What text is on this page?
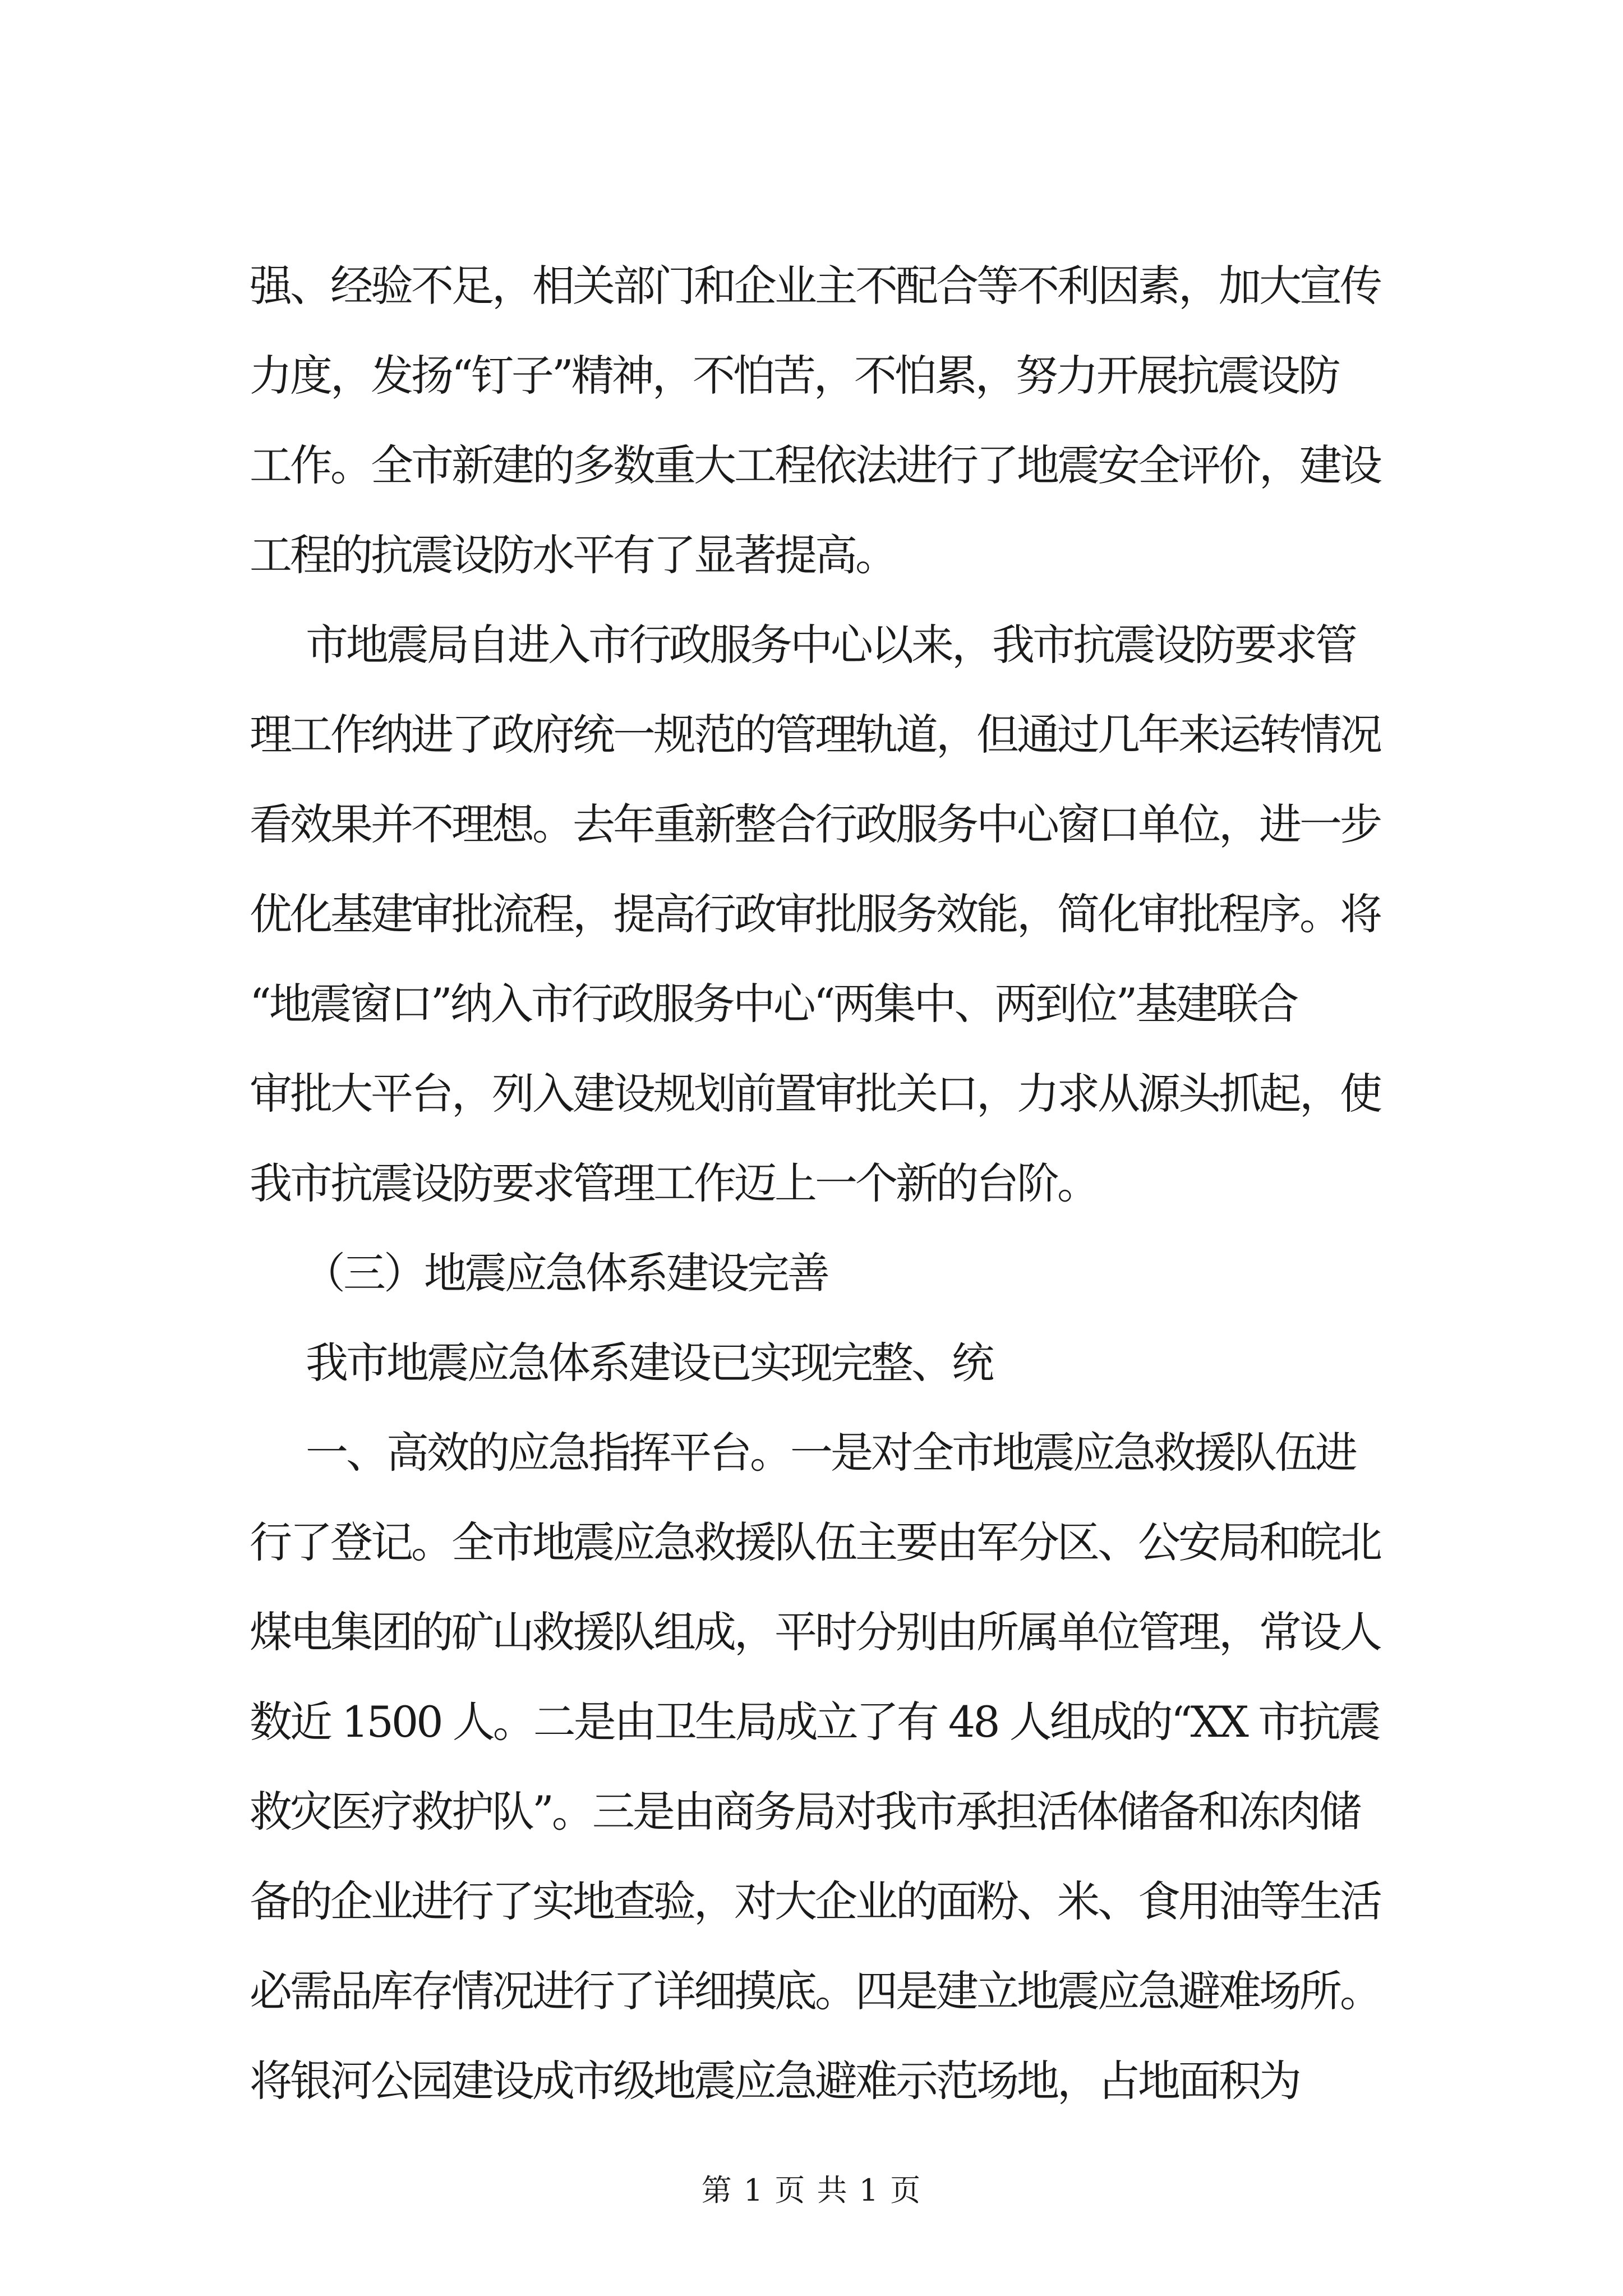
强、经验不足，相关部门和企业主不配合等不利因素，加大宣传
力度，发扬“钉子”精神，不怕苦，不怕累，努力开展抗震设防
工作。全市新建的多数重大工程依法进行了地震安全评价，建设
工程的抗震设防水平有了显著提高。
市地震局自进入市行政服务中心以来，我市抗震设防要求管
理工作纳进了政府统一规范的管理轨道，但通过几年来运转情况
看效果并不理想。去年重新整合行政服务中心窗口单位，进一步
优化基建审批流程，提高行政审批服务效能，简化审批程序。将
“地震窗口”纳入市行政服务中心“两集中、两到位”基建联合
审批大平台，列入建设规划前置审批关口，力求从源头抓起，使
我市抗震设防要求管理工作迈上一个新的台阶。
（三）地震应急体系建设完善
我市地震应急体系建设已实现完整、统
一、高效的应急指挥平台。一是对全市地震应急救援队伍进
行了登记。全市地震应急救援队伍主要由军分区、公安局和皖北
煤电集团的矿山救援队组成，平时分别由所属单位管理，常设人
数近 1500 人。二是由卫生局成立了有 48 人组成的“XX 市抗震
救灾医疗救护队”。三是由商务局对我市承担活体储备和冻肉储
备的企业进行了实地查验，对大企业的面粉、米、食用油等生活
必需品库存情况进行了详细摸底。四是建立地震应急避难场所。
将银河公园建设成市级地震应急避难示范场地，占地面积为
第 1 页 共 1 页
